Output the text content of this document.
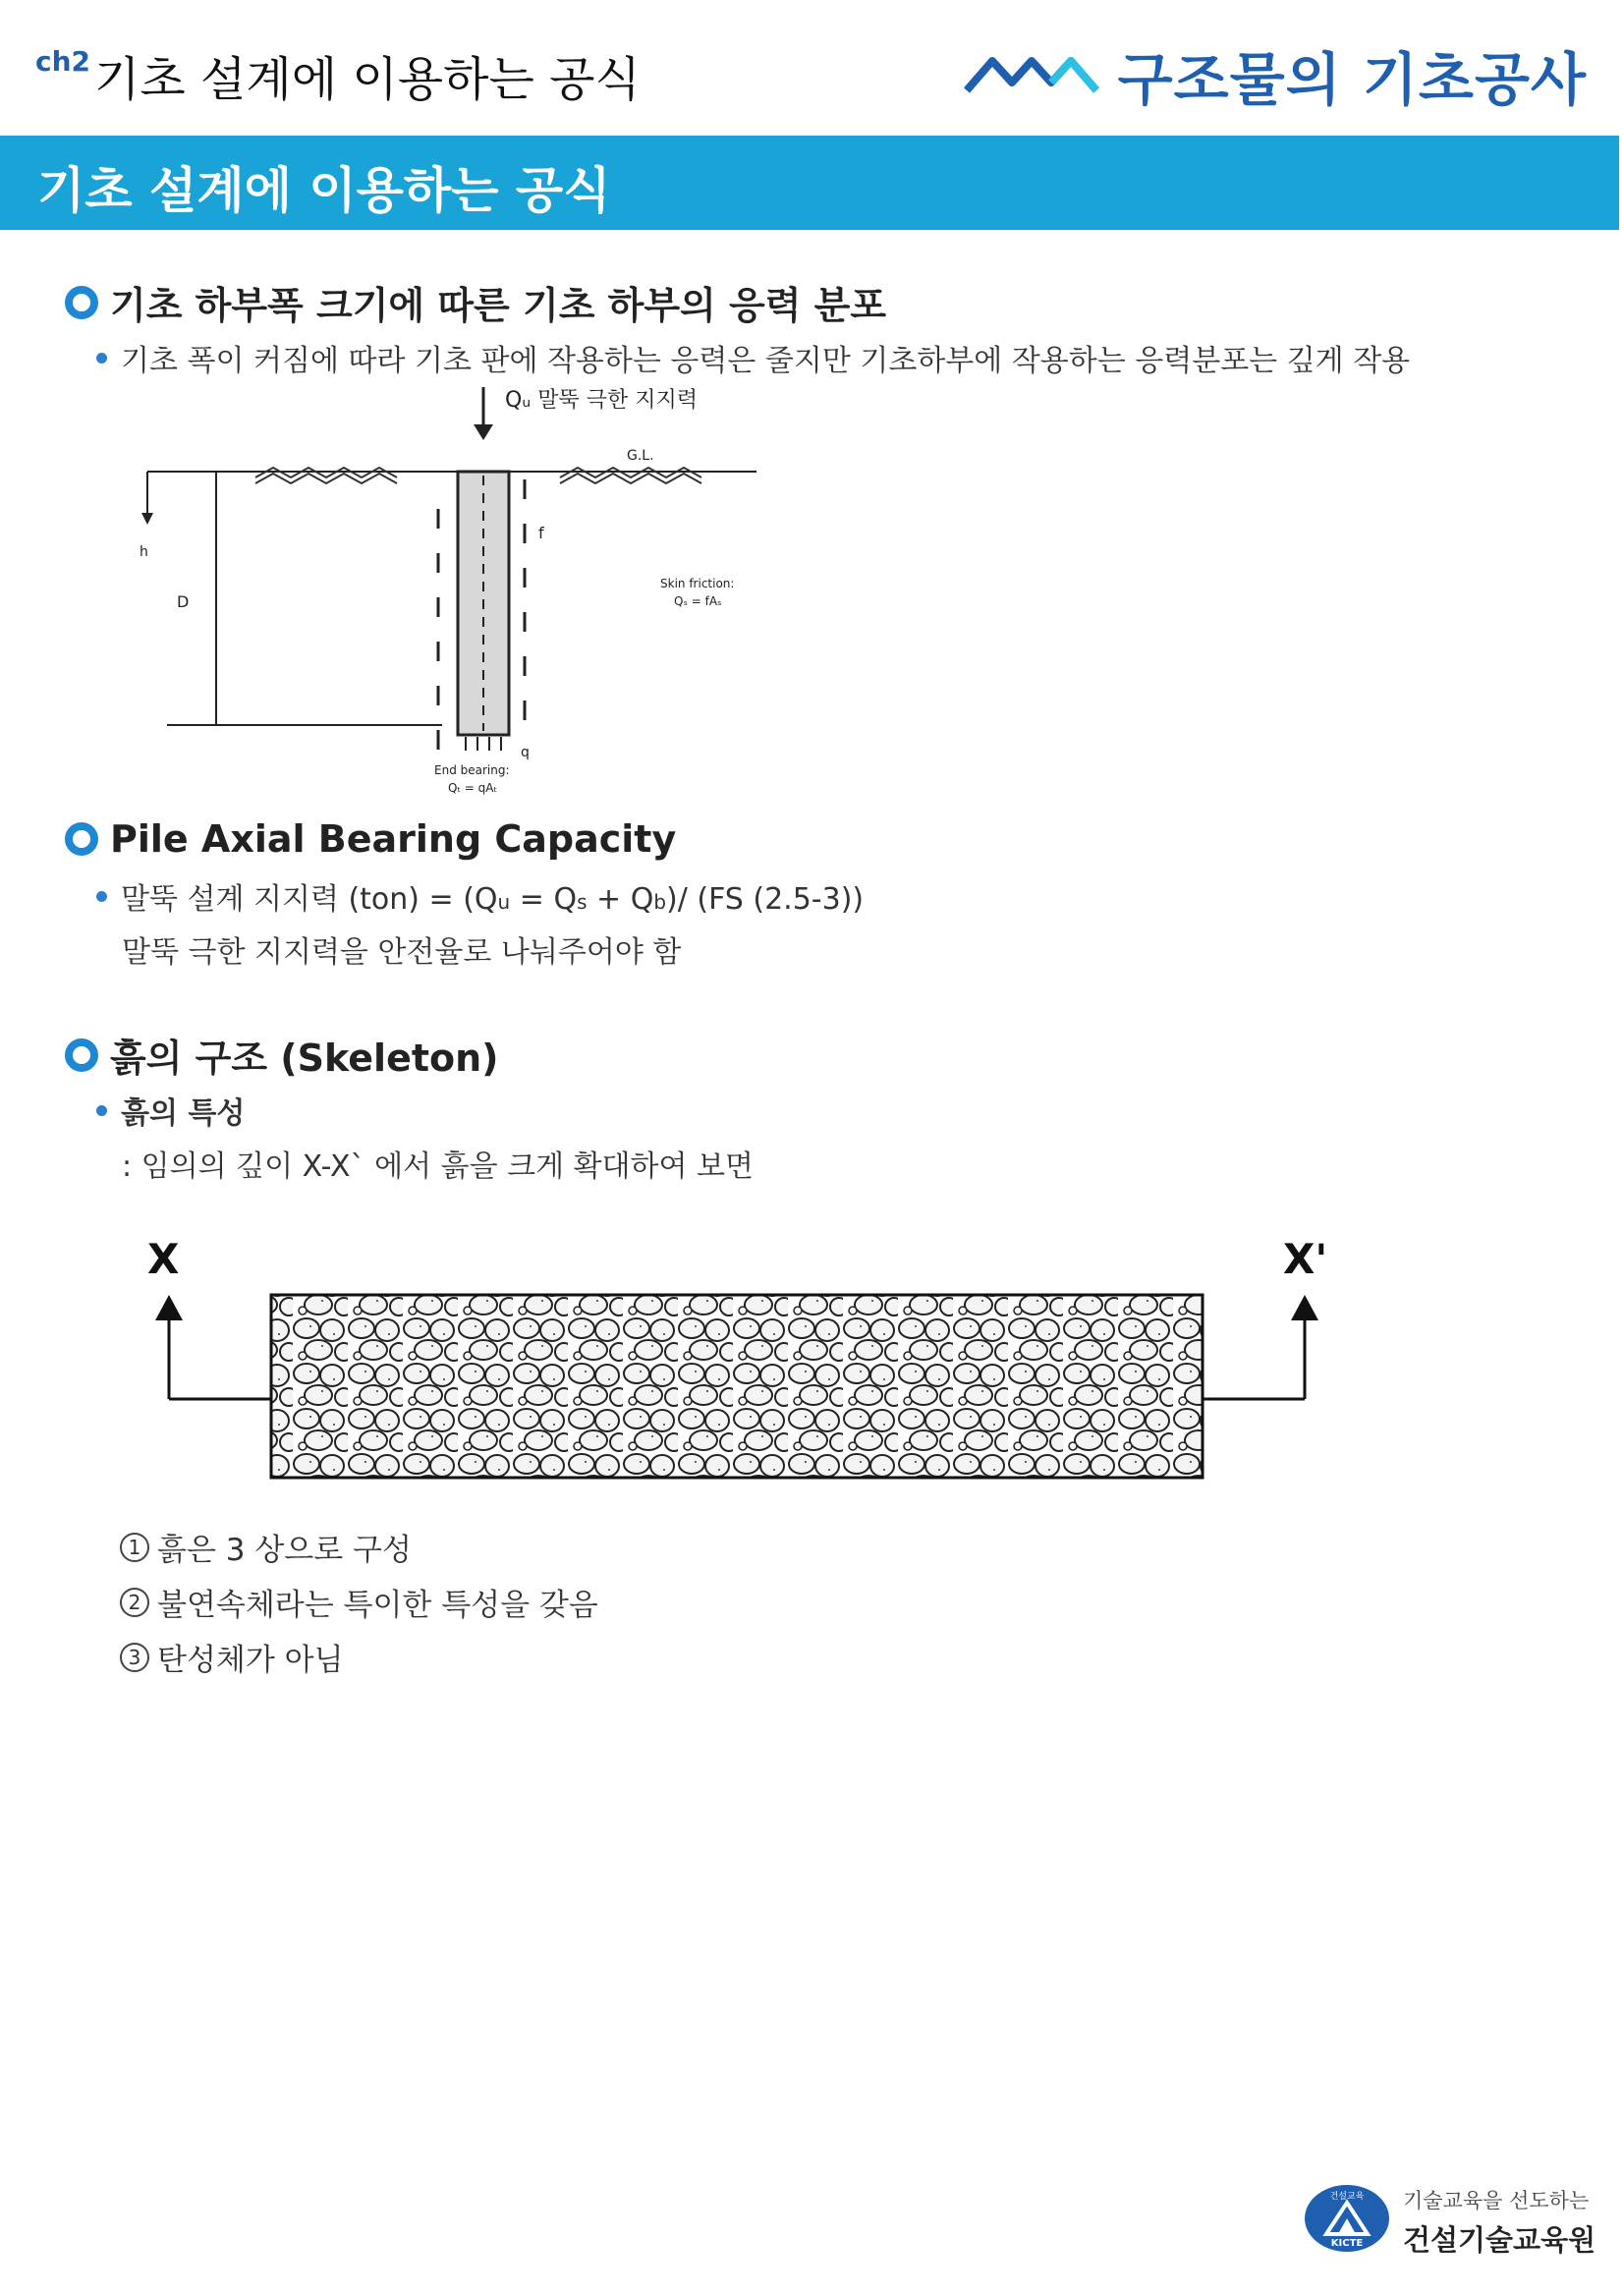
ch2 기초 설계에 이용하는 공식	구조물의 기초공사
기초 설계에 이용하는 공식
기초 하부폭 크기에 따른 기초 하부의 응력 분포
기초 폭이 커짐에 따라 기초 판에 작용하는 응력은 줄지만 기초하부에 작용하는 응력분포는 깊게 작용
Qᵤ 말뚝 극한 지지력
G.L.
f
q
h
D
Skin friction:
Qₛ = fAₛ
End bearing:
Qₜ = qAₜ
Pile Axial Bearing Capacity
말뚝 설계 지지력 (ton) = (Qu = Qs + Qb)/ (FS (2.5-3))
말뚝 극한 지지력을 안전율로 나눠주어야 함
흙의 구조 (Skeleton)
흙의 특성
: 임의의 깊이 X-X` 에서 흙을 크게 확대하여 보면
X	X'
1 흙은 3 상으로 구성
2 불연속체라는 특이한 특성을 갖음
3 탄성체가 아님
건설교육
KICTE
기술교육을 선도하는
건설기술교육원
